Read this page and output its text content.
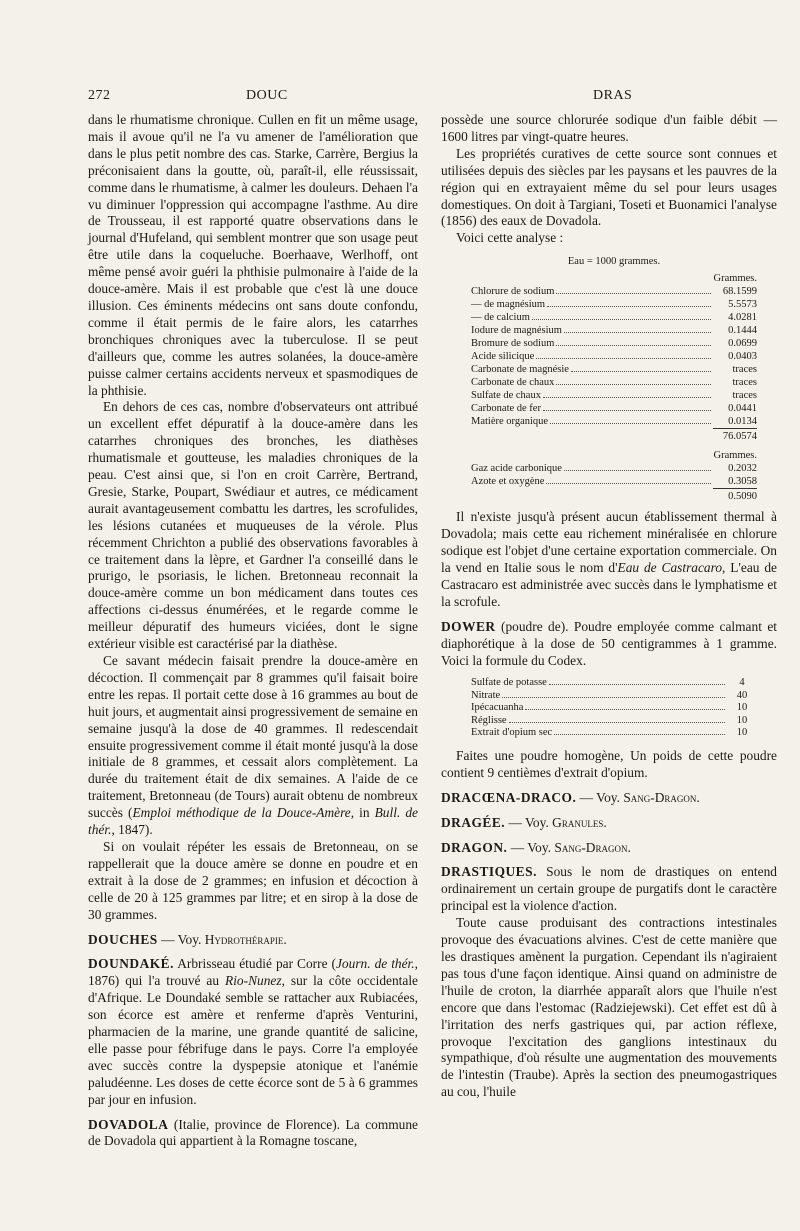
272	DOUC	DRAS

dans le rhumatisme chronique. Cullen en fit un même usage, mais il avoue qu'il ne l'a vu amener de l'amélioration que dans le plus petit nombre des cas. Starke, Carrère, Bergius la préconisaient dans la goutte, où, paraît-il, elle réussissait, comme dans le rhumatisme, à calmer les douleurs. Dehaen l'a vu diminuer l'oppression qui accompagne l'asthme. Au dire de Trousseau, il est rapporté quatre observations dans le journal d'Hufeland, qui semblent montrer que son usage peut être utile dans la coqueluche. Boerhaave, Werlhoff, ont même pensé avoir guéri la phthisie pulmonaire à l'aide de la douce-amère. Mais il est probable que c'est là une douce illusion. Ces éminents médecins ont sans doute confondu, comme il était permis de le faire alors, les catarrhes bronchiques chroniques avec la tuberculose. Il se peut d'ailleurs que, comme les autres solanées, la douce-amère puisse calmer certains accidents nerveux et spasmodiques de la phthisie.

En dehors de ces cas, nombre d'observateurs ont attribué un excellent effet dépuratif à la douce-amère dans les catarrhes chroniques des bronches, les diathèses rhumatismale et goutteuse, les maladies chroniques de la peau. C'est ainsi que, si l'on en croit Carrère, Bertrand, Gresie, Starke, Poupart, Swédiaur et autres, ce médicament aurait avantageusement combattu les dartres, les scrofulides, les lésions cutanées et muqueuses de la vérole. Plus récemment Chrichton a publié des observations favorables à ce traitement dans la lèpre, et Gardner l'a conseillé dans le prurigo, le psoriasis, le lichen. Bretonneau reconnait la douce-amère comme un bon médicament dans toutes ces affections ci-dessus énumérées, et le regarde comme le meilleur dépuratif des humeurs viciées, dont le signe extérieur visible est caractérisé par la diathèse.

Ce savant médecin faisait prendre la douce-amère en décoction. Il commençait par 8 grammes qu'il faisait boire entre les repas. Il portait cette dose à 16 grammes au bout de huit jours, et augmentait ainsi progressivement de semaine en semaine jusqu'à la dose de 40 grammes. Il redescendait ensuite progressivement comme il était monté jusqu'à la dose initiale de 8 grammes, et cessait alors complètement. La durée du traitement était de dix semaines. A l'aide de ce traitement, Bretonneau (de Tours) aurait obtenu de nombreux succès (Emploi méthodique de la Douce-Amère, in Bull. de thér., 1847).

Si on voulait répéter les essais de Bretonneau, on se rappellerait que la douce amère se donne en poudre et en extrait à la dose de 2 grammes; en infusion et décoction à celle de 20 à 125 grammes par litre; et en sirop à la dose de 30 grammes.

DOUCHES — Voy. Hydrothérapie.

DOUNDAKÉ. Arbrisseau étudié par Corre (Journ. de thér., 1876) qui l'a trouvé au Rio-Nunez, sur la côte occidentale d'Afrique. Le Doundaké semble se rattacher aux Rubiacées, son écorce est amère et renferme d'après Venturini, pharmacien de la marine, une grande quantité de salicine, elle passe pour fébrifuge dans le pays. Corre l'a employée avec succès contre la dyspepsie atonique et l'anémie paludéenne. Les doses de cette écorce sont de 5 à 6 grammes par jour en infusion.

DOVADOLA (Italie, province de Florence). La commune de Dovadola qui appartient à la Romagne toscane,

possède une source chlorurée sodique d'un faible débit — 1600 litres par vingt-quatre heures.

Les propriétés curatives de cette source sont connues et utilisées depuis des siècles par les paysans et les pauvres de la région qui en extrayaient même du sel pour leurs usages domestiques. On doit à Targiani, Toseti et Buonamici l'analyse (1856) des eaux de Dovadola.

Voici cette analyse :

Eau = 1000 grammes.
Grammes.
Chlorure de sodium	68.1599
— de magnésium	5.5573
— de calcium	4.0281
Iodure de magnésium	0.1444
Bromure de sodium	0.0699
Acide silicique	0.0403
Carbonate de magnésie	traces
Carbonate de chaux	traces
Sulfate de chaux	traces
Carbonate de fer	0.0441
Matière organique	0.0134
76.0574
Grammes.
Gaz acide carbonique	0.2032
Azote et oxygène	0.3058
0.5090

Il n'existe jusqu'à présent aucun établissement thermal à Dovadola; mais cette eau richement minéralisée en chlorure sodique est l'objet d'une certaine exportation commerciale. On la vend en Italie sous le nom d'Eau de Castracaro, L'eau de Castracaro est administrée avec succès dans le lymphatisme et la scrofule.

DOWER (poudre de). Poudre employée comme calmant et diaphorétique à la dose de 50 centigrammes à 1 gramme. Voici la formule du Codex.

Sulfate de potasse	4
Nitrate	40
Ipécacuanha	10
Réglisse	10
Extrait d'opium sec	10

Faites une poudre homogène, Un poids de cette poudre contient 9 centièmes d'extrait d'opium.

DRACŒNA-DRACO. — Voy. Sang-Dragon.

DRAGÉE. — Voy. Granules.

DRAGON. — Voy. Sang-Dragon.

DRASTIQUES. Sous le nom de drastiques on entend ordinairement un certain groupe de purgatifs dont le caractère principal est la violence d'action.

Toute cause produisant des contractions intestinales provoque des évacuations alvines. C'est de cette manière que les drastiques amènent la purgation. Cependant ils n'agiraient pas tous d'une façon identique. Ainsi quand on administre de l'huile de croton, la diarrhée apparaît alors que l'huile n'est encore que dans l'estomac (Radziejewski). Cet effet est dû à l'irritation des nerfs gastriques qui, par action réflexe, provoque l'excitation des ganglions intestinaux du sympathique, d'où résulte une augmentation des mouvements de l'intestin (Traube). Après la section des pneumogastriques au cou, l'huile
